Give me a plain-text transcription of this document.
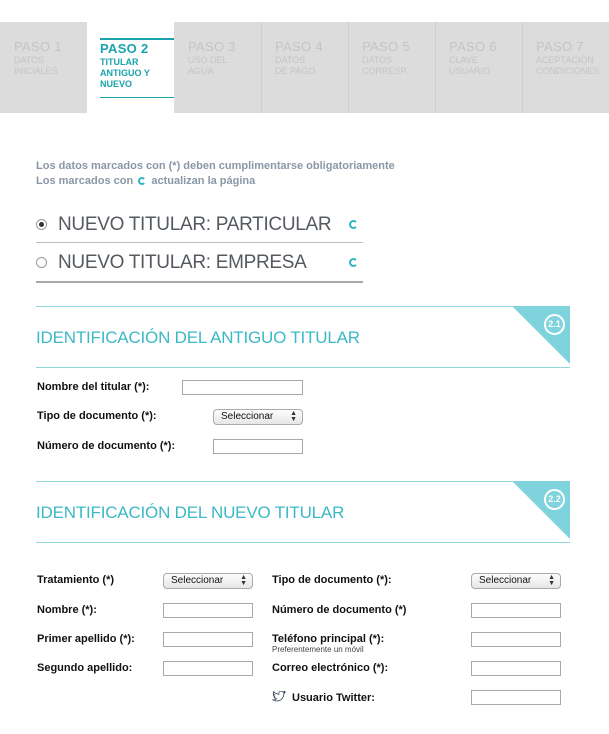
PASO 1
DATOS
INICIALES
PASO 2
TITULAR
ANTIGUO Y
NUEVO
PASO 3
USO DEL
AGUA
PASO 4
DATOS
DE PAGO
PASO 5
DATOS
CORRESP.
PASO 6
CLAVE
USUARIO
PASO 7
ACEPTACIÓN
CONDICIONES
Los datos marcados con (*) deben cumplimentarse obligatoriamente
Los marcados con actualizan la página
NUEVO TITULAR: PARTICULAR
NUEVO TITULAR: EMPRESA
IDENTIFICACIÓN DEL ANTIGUO TITULAR
2.1
Nombre del titular (*):
Tipo de documento (*):	Seleccionar ▲
▼
Número de documento (*):
IDENTIFICACIÓN DEL NUEVO TITULAR
2.2
Tratamiento (*)	Seleccionar ▲
▼
Nombre (*):
Primer apellido (*):
Segundo apellido:
Tipo de documento (*):	Seleccionar ▲
▼
Número de documento (*)
Teléfono principal (*):
Preferentemente un móvil
Correo electrónico (*):
Usuario Twitter:
